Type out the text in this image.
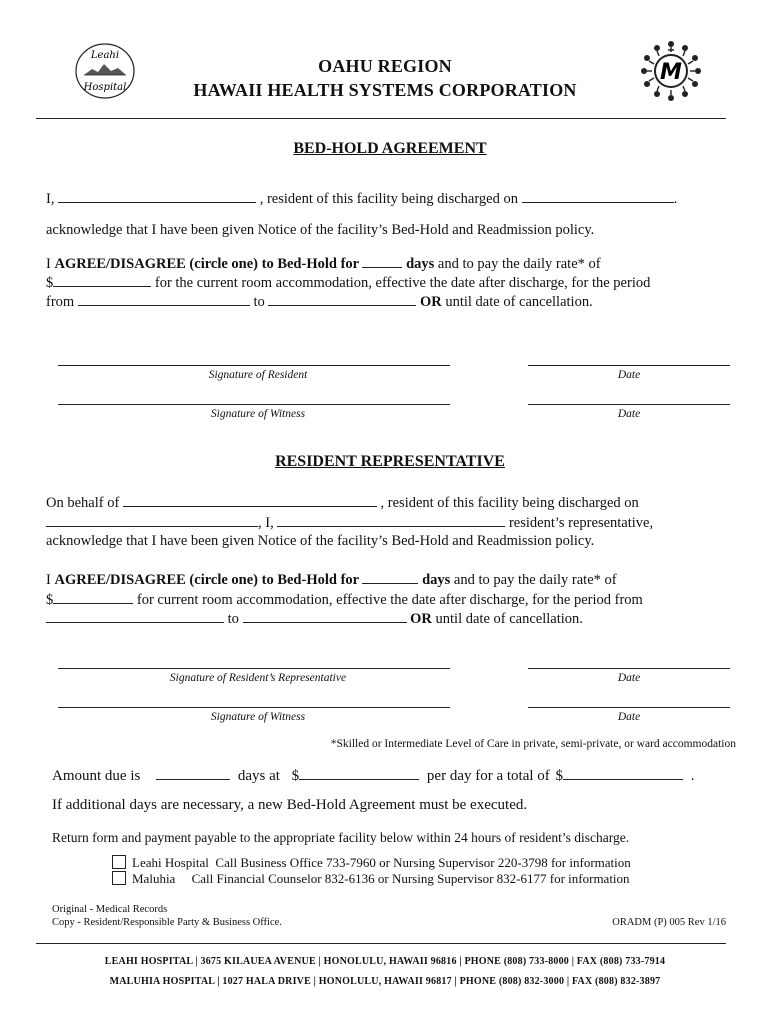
Leahi
Hospital
OAHU REGION
HAWAII HEALTH SYSTEMS CORPORATION
M
BED-HOLD AGREEMENT
I,	, resident of this facility being discharged on	.
acknowledge that I have been given Notice of the facility’s Bed-Hold and Readmission policy.
I AGREE/DISAGREE (circle one) to Bed-Hold for	days and to pay the daily rate* of
$	for the current room accommodation, effective the date after discharge, for the period
from	to	OR until date of cancellation.
Signature of Resident	Date
Signature of Witness	Date
RESIDENT REPRESENTATIVE
On behalf of	, resident of this facility being discharged on
, I,	resident’s representative,
acknowledge that I have been given Notice of the facility’s Bed-Hold and Readmission policy.
I AGREE/DISAGREE (circle one) to Bed-Hold for	days and to pay the daily rate* of
$	for current room accommodation, effective the date after discharge, for the period from
to	OR until date of cancellation.
Signature of Resident’s Representative	Date
Signature of Witness	Date
*Skilled or Intermediate Level of Care in private, semi-private, or ward accommodation
Amount due is	days at $	per day for a total of $	.
If additional days are necessary, a new Bed-Hold Agreement must be executed.
Return form and payment payable to the appropriate facility below within 24 hours of resident’s discharge.
Leahi Hospital Call Business Office 733-7960 or Nursing Supervisor 220-3798 for information
Maluhia Call Financial Counselor 832-6136 or Nursing Supervisor 832-6177 for information
Original - Medical Records
Copy - Resident/Responsible Party & Business Office.	ORADM (P) 005 Rev 1/16
LEAHI HOSPITAL | 3675 KILAUEA AVENUE | HONOLULU, HAWAII 96816 | PHONE (808) 733-8000 | FAX (808) 733-7914
MALUHIA HOSPITAL | 1027 HALA DRIVE | HONOLULU, HAWAII 96817 | PHONE (808) 832-3000 | FAX (808) 832-3897
